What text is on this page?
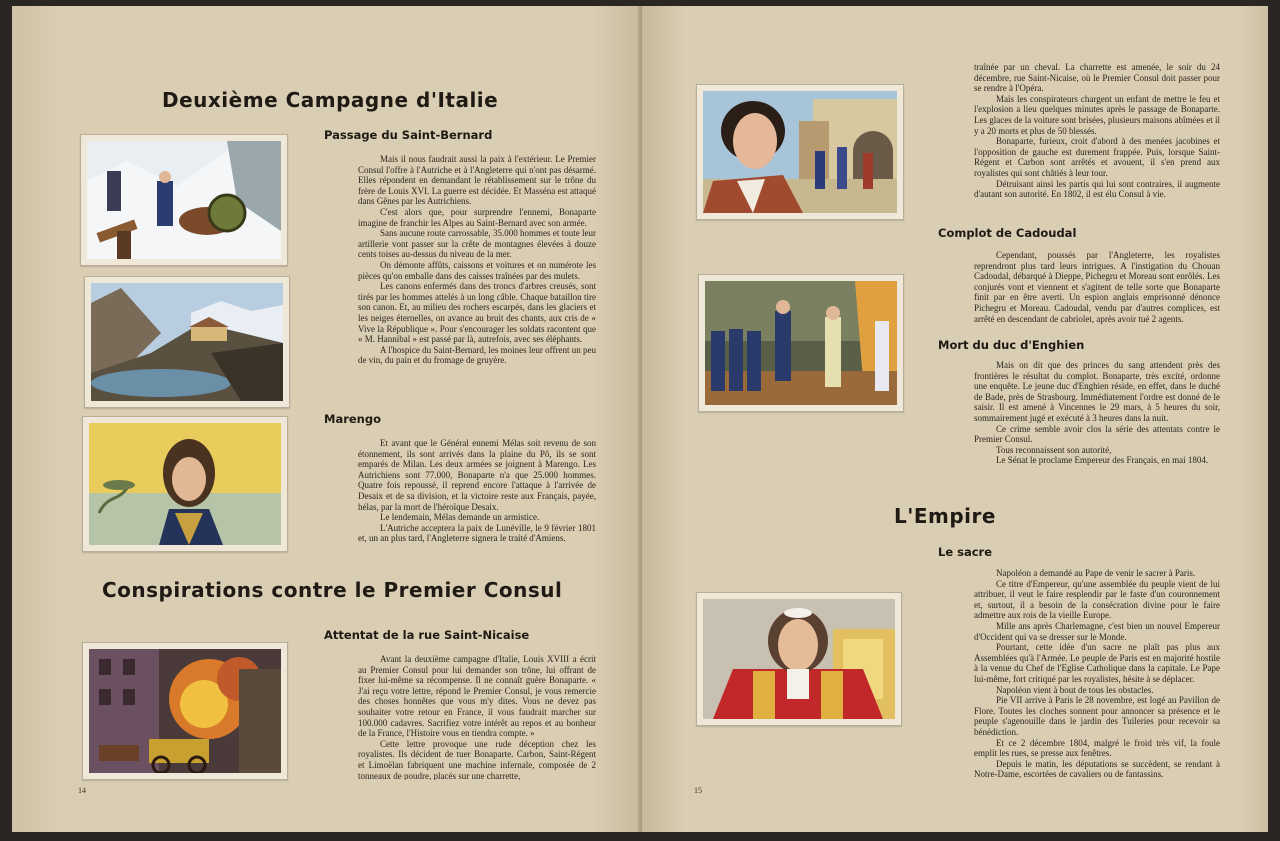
Deuxième Campagne d'Italie
Passage du Saint-Bernard

Mais il nous faudrait aussi la paix à l'extérieur. Le Premier Consul l'offre à l'Autriche et à l'Angleterre qui n'ont pas désarmé. Elles répondent en demandant le rétablissement sur le trône du frère de Louis XVI. La guerre est décidée. Et Masséna est attaqué dans Gênes par les Autrichiens.

C'est alors que, pour surprendre l'ennemi, Bonaparte imagine de franchir les Alpes au Saint-Bernard avec son armée.

Sans aucune route carrossable, 35.000 hommes et toute leur artillerie vont passer sur la crête de montagnes élevées à douze cents toises au-dessus du niveau de la mer.

On démonte affûts, caissons et voitures et on numérote les pièces qu'on emballe dans des caisses traînées par des mulets.

Les canons enfermés dans des troncs d'arbres creusés, sont tirés par les hommes attelés à un long câble. Chaque bataillon tire son canon. Et, au milieu des rochers escarpés, dans les glaciers et les neiges éternelles, on avance au bruit des chants, aux cris de « Vive la République ». Pour s'encourager les soldats racontent que « M. Hannibal » est passé par là, autrefois, avec ses éléphants.

A l'hospice du Saint-Bernard, les moines leur offrent un peu de vin, du pain et du fromage de gruyère.

Marengo

Et avant que le Général ennemi Mélas soit revenu de son étonnement, ils sont arrivés dans la plaine du Pô, ils se sont emparés de Milan. Les deux armées se joignent à Marengo. Les Autrichiens sont 77.000, Bonaparte n'a que 25.000 hommes. Quatre fois repoussé, il reprend encore l'attaque à l'arrivée de Desaix et de sa division, et la victoire reste aux Français, payée, hélas, par la mort de l'héroïque Desaix.

Le lendemain, Mélas demande un armistice.

L'Autriche acceptera la paix de Lunéville, le 9 février 1801 et, un an plus tard, l'Angleterre signera le traité d'Amiens.

Conspirations contre le Premier Consul
Attentat de la rue Saint-Nicaise

Avant la deuxième campagne d'Italie, Louis XVIII a écrit au Premier Consul pour lui demander son trône, lui offrant de fixer lui-même sa récompense. Il ne connaît guère Bonaparte. « J'ai reçu votre lettre, répond le Premier Consul, je vous remercie des choses honnêtes que vous m'y dites. Vous ne devez pas souhaiter votre retour en France, il vous faudrait marcher sur 100.000 cadavres. Sacrifiez votre intérêt au repos et au bonheur de la France, l'Histoire vous en tiendra compte. »

Cette lettre provoque une rude déception chez les royalistes. Ils décident de tuer Bonaparte. Carbon, Saint-Régent et Limoëlan fabriquent une machine infernale, composée de 2 tonneaux de poudre, placés sur une charrette,

14

traînée par un cheval. La charrette est amenée, le soir du 24 décembre, rue Saint-Nicaise, où le Premier Consul doit passer pour se rendre à l'Opéra.

Mais les conspirateurs chargent un enfant de mettre le feu et l'explosion a lieu quelques minutes après le passage de Bonaparte. Les glaces de la voiture sont brisées, plusieurs maisons abîmées et il y a 20 morts et plus de 50 blessés.

Bonaparte, furieux, croit d'abord à des menées jacobines et l'opposition de gauche est durement frappée. Puis, lorsque Saint-Régent et Carbon sont arrêtés et avouent, il s'en prend aux royalistes qui sont châtiés à leur tour.

Détruisant ainsi les partis qui lui sont contraires, il augmente d'autant son autorité. En 1802, il est élu Consul à vie.

Complot de Cadoudal

Cependant, poussés par l'Angleterre, les royalistes reprendront plus tard leurs intrigues. A l'instigation du Chouan Cadoudal, débarqué à Dieppe, Pichegru et Moreau sont enrôlés. Les conjurés vont et viennent et s'agitent de telle sorte que Bonaparte finit par en être averti. Un espion anglais emprisonné dénonce Pichegru et Moreau. Cadoudal, vendu par d'autres complices, est arrêté en descendant de cabriolet, après avoir tué 2 agents.

Mort du duc d'Enghien

Mais on dit que des princes du sang attendent près des frontières le résultat du complot. Bonaparte, très excité, ordonne une enquête. Le jeune duc d'Enghien réside, en effet, dans le duché de Bade, près de Strasbourg. Immédiatement l'ordre est donné de le saisir. Il est amené à Vincennes le 29 mars, à 5 heures du soir, sommairement jugé et exécuté à 3 heures dans la nuit.

Ce crime semble avoir clos la série des attentats contre le Premier Consul.

Tous reconnaissent son autorité,

Le Sénat le proclame Empereur des Français, en mai 1804.

L'Empire
Le sacre

Napoléon a demandé au Pape de venir le sacrer à Paris.

Ce titre d'Empereur, qu'une assemblée du peuple vient de lui attribuer, il veut le faire resplendir par le faste d'un couronnement et, surtout, il a besoin de la consécration divine pour le faire admettre aux rois de la vieille Europe.

Mille ans après Charlemagne, c'est bien un nouvel Empereur d'Occident qui va se dresser sur le Monde.

Pourtant, cette idée d'un sacre ne plaît pas plus aux Assemblées qu'à l'Armée. Le peuple de Paris est en majorité hostile à la venue du Chef de l'Eglise Catholique dans la capitale. Le Pape lui-même, fort critiqué par les royalistes, hésite à se déplacer.

Napoléon vient à bout de tous les obstacles.

Pie VII arrive à Paris le 28 novembre, est logé au Pavillon de Flore. Toutes les cloches sonnent pour annoncer sa présence et le peuple s'agenouille dans le jardin des Tuileries pour recevoir sa bénédiction.

Et ce 2 décembre 1804, malgré le froid très vif, la foule emplit les rues, se presse aux fenêtres.

Depuis le matin, les députations se succèdent, se rendant à Notre-Dame, escortées de cavaliers ou de fantassins.

15
